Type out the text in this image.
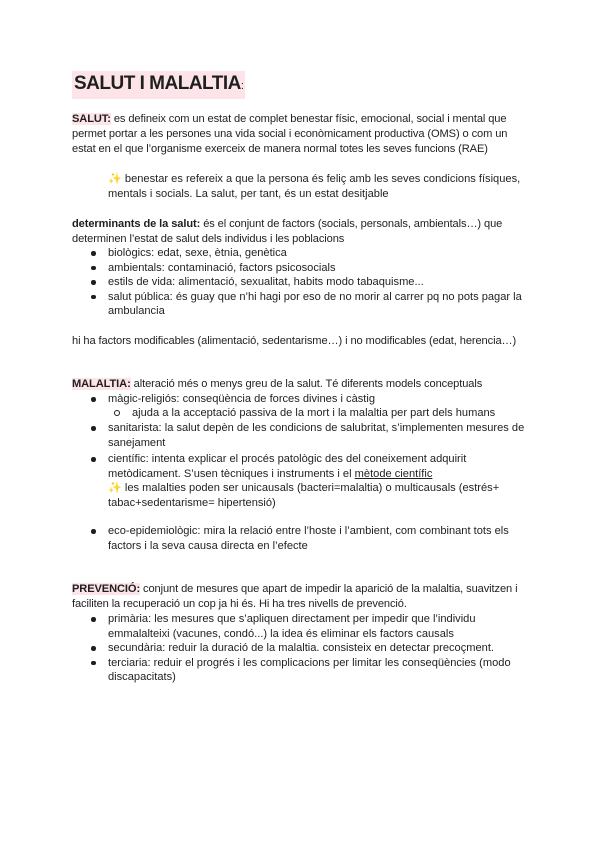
SALUT I MALALTIA:
SALUT: es defineix com un estat de complet benestar físic, emocional, social i mental que permet portar a les persones una vida social i econòmicament productiva (OMS) o com un estat en el que l’organisme exerceix de manera normal totes les seves funcions (RAE)
✨ benestar es refereix a que la persona és feliç amb les seves condicions físiques, mentals i socials. La salut, per tant, és un estat desitjable
determinants de la salut: és el conjunt de factors (socials, personals, ambientals…) que determinen l’estat de salut dels individus i les poblacions
biològics: edat, sexe, ètnia, genètica
ambientals: contaminació, factors psicosocials
estils de vida: alimentació, sexualitat, habits modo tabaquisme...
salut pública: és guay que n’hi hagi por eso de no morir al carrer pq no pots pagar la ambulancia
hi ha factors modificables (alimentació, sedentarisme…) i no modificables (edat, herencia…)
MALALTIA: alteració més o menys greu de la salut. Té diferents models conceptuals
màgic-religiós: conseqüència de forces divines i càstig
ajuda a la acceptació passiva de la mort i la malaltia per part dels humans
sanitarista: la salut depèn de les condicions de salubritat, s’implementen mesures de sanejament
científic: intenta explicar el procés patològic des del coneixement adquirit metòdicament. S’usen tècniques i instruments i el mètode científic
✨ les malalties poden ser unicausals (bacteri=malaltia) o multicausals (estrés+ tabac+sedentarisme= hipertensió)
eco-epidemiològic: mira la relació entre l’hoste i l’ambient, com combinant tots els factors i la seva causa directa en l’efecte
PREVENCIÓ: conjunt de mesures que apart de impedir la aparició de la malaltia, suavitzen i faciliten la recuperació un cop ja hi és. Hi ha tres nivells de prevenció.
primària: les mesures que s’apliquen directament per impedir que l’individu emmalalteixi (vacunes, condó...) la idea és eliminar els factors causals
secundària: reduir la duració de la malaltia. consisteix en detectar precoçment.
terciaria: reduir el progrés i les complicacions per limitar les conseqüències (modo discapacitats)
